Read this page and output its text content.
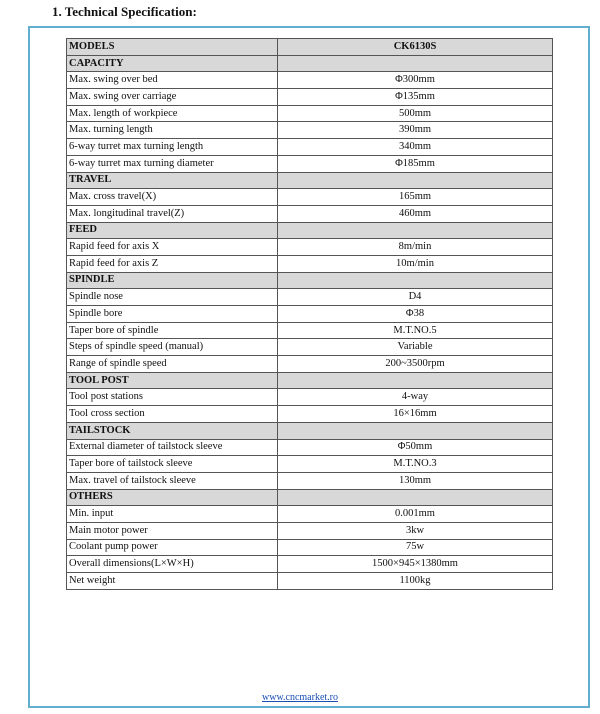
1. Technical Specification:
MODELS	CK6130S
CAPACITY	
Max. swing over bed	Φ300mm
Max. swing over carriage	Φ135mm
Max. length of workpiece	500mm
Max. turning length	390mm
6-way turret max turning length	340mm
6-way turret max turning diameter	Φ185mm
TRAVEL	
Max. cross travel(X)	165mm
Max. longitudinal travel(Z)	460mm
FEED	
Rapid feed for axis X	8m/min
Rapid feed for axis Z	10m/min
SPINDLE	
Spindle nose	D4
Spindle bore	Φ38
Taper bore of spindle	M.T.NO.5
Steps of spindle speed (manual)	Variable
Range of spindle speed	200~3500rpm
TOOL POST	
Tool post stations	4-way
Tool cross section	16×16mm
TAILSTOCK	
External diameter of tailstock sleeve	Φ50mm
Taper bore of tailstock sleeve	M.T.NO.3
Max. travel of tailstock sleeve	130mm
OTHERS	
Min. input	0.001mm
Main motor power	3kw
Coolant pump power	75w
Overall dimensions(L×W×H)	1500×945×1380mm
Net weight	1100kg
www.cncmarket.ro
